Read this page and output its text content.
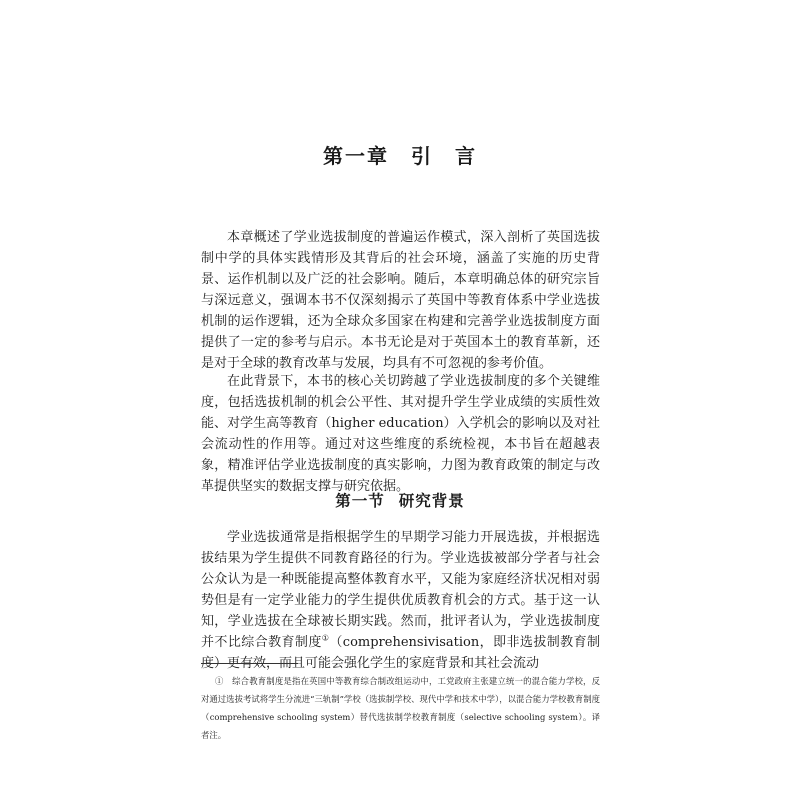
第一章 引　言

本章概述了学业选拔制度的普遍运作模式，深入剖析了英国选拔制中学的具体实践情形及其背后的社会环境，涵盖了实施的历史背景、运作机制以及广泛的社会影响。随后，本章明确总体的研究宗旨与深远意义，强调本书不仅深刻揭示了英国中等教育体系中学业选拔机制的运作逻辑，还为全球众多国家在构建和完善学业选拔制度方面提供了一定的参考与启示。本书无论是对于英国本土的教育革新，还是对于全球的教育改革与发展，均具有不可忽视的参考价值。

在此背景下，本书的核心关切跨越了学业选拔制度的多个关键维度，包括选拔机制的机会公平性、其对提升学生学业成绩的实质性效能、对学生高等教育（higher education）入学机会的影响以及对社会流动性的作用等。通过对这些维度的系统检视，本书旨在超越表象，精准评估学业选拔制度的真实影响，力图为教育政策的制定与改革提供坚实的数据支撑与研究依据。

第一节 研究背景

学业选拔通常是指根据学生的早期学习能力开展选拔，并根据选拔结果为学生提供不同教育路径的行为。学业选拔被部分学者与社会公众认为是一种既能提高整体教育水平，又能为家庭经济状况相对弱势但是有一定学业能力的学生提供优质教育机会的方式。基于这一认知，学业选拔在全球被长期实践。然而，批评者认为，学业选拔制度并不比综合教育制度①（comprehensivisation，即非选拔制教育制度）更有效，而且可能会强化学生的家庭背景和其社会流动

①　综合教育制度是指在英国中等教育综合制改组运动中，工党政府主张建立统一的混合能力学校，反对通过选拔考试将学生分流进“三轨制”学校（选拔制学校、现代中学和技术中学），以混合能力学校教育制度（comprehensive schooling system）替代选拔制学校教育制度（selective schooling system）。译者注。
